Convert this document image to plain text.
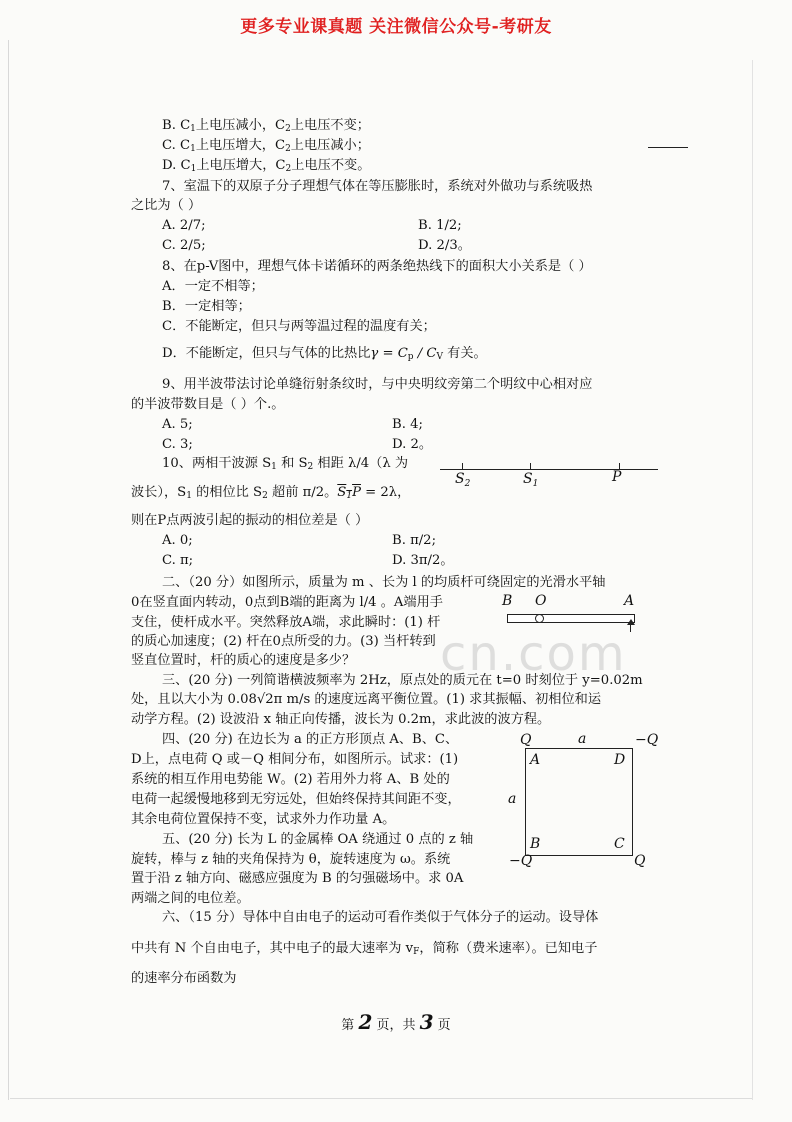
更多专业课真题 关注微信公众号-考研友
B. $C_1$上电压减小，$C_2$上电压不变；
C. $C_1$上电压增大，$C_2$上电压减小；
D. $C_1$上电压增大，$C_2$上电压不变。
7、室温下的双原子分子理想气体在等压膨胀时，系统对外做功与系统吸热
之比为（ ）
A. 2/7;	B. 1/2;
C. 2/5;	D. 2/3。
8、在p-V图中，理想气体卡诺循环的两条绝热线下的面积大小关系是（ ）
A．一定不相等；
B．一定相等；
C．不能断定，但只与两等温过程的温度有关；
D．不能断定，但只与气体的比热比$\gamma = C_p / C_V$ 有关。
9、用半波带法讨论单缝衍射条纹时，与中央明纹旁第二个明纹中心相对应
的半波带数目是（ ）个.。
A. 5;	B. 4;
C. 3;	D. 2。
10、两相干波源 $S_1$ 和 $S_2$ 相距 λ/4（λ 为
波长），$S_1$ 的相位比 $S_2$ 超前 π/2。$S_1P = 2\lambda$，
则在P点两波引起的振动的相位差是（ ）
A. 0;	B. π/2;
C. π;	D. 3π/2。
$S_2$	$S_1$	P
二、（20 分）如图所示，质量为 m 、长为 l 的均质杆可绕固定的光滑水平轴
0在竖直面内转动，0点到B端的距离为 l/4 。A端用手
支住，使杆成水平。突然释放A端，求此瞬时：(1) 杆
的质心加速度；(2) 杆在0点所受的力。(3) 当杆转到
竖直位置时，杆的质心的速度是多少？
B O	A
三、(20 分) 一列简谐横波频率为 2Hz，原点处的质元在 t=0 时刻位于 y=0.02m
处，且以大小为 0.08√2π m/s 的速度远离平衡位置。(1) 求其振幅、初相位和运
动学方程。(2) 设波沿 x 轴正向传播，波长为 0.2m，求此波的波方程。
四、(20 分) 在边长为 a 的正方形顶点 A、B、C、
D上，点电荷 Q 或－Q 相间分布，如图所示。试求：(1)
系统的相互作用电势能 W。(2) 若用外力将 A、B 处的
电荷一起缓慢地移到无穷远处，但始终保持其间距不变，
其余电荷位置保持不变，试求外力作功量 A。
Q	a	−Q
a
−Q	Q
A	D
B	C
五、(20 分) 长为 L 的金属棒 OA 绕通过 0 点的 z 轴
旋转，棒与 z 轴的夹角保持为 θ，旋转速度为 ω。系统
置于沿 z 轴方向、磁感应强度为 B 的匀强磁场中。求 0A
两端之间的电位差。
六、（15 分）导体中自由电子的运动可看作类似于气体分子的运动。设导体
中共有 N 个自由电子，其中电子的最大速率为 $v_F$，简称（费米速率）。已知电子
的速率分布函数为
cn.com
第 2 页，共 3 页
